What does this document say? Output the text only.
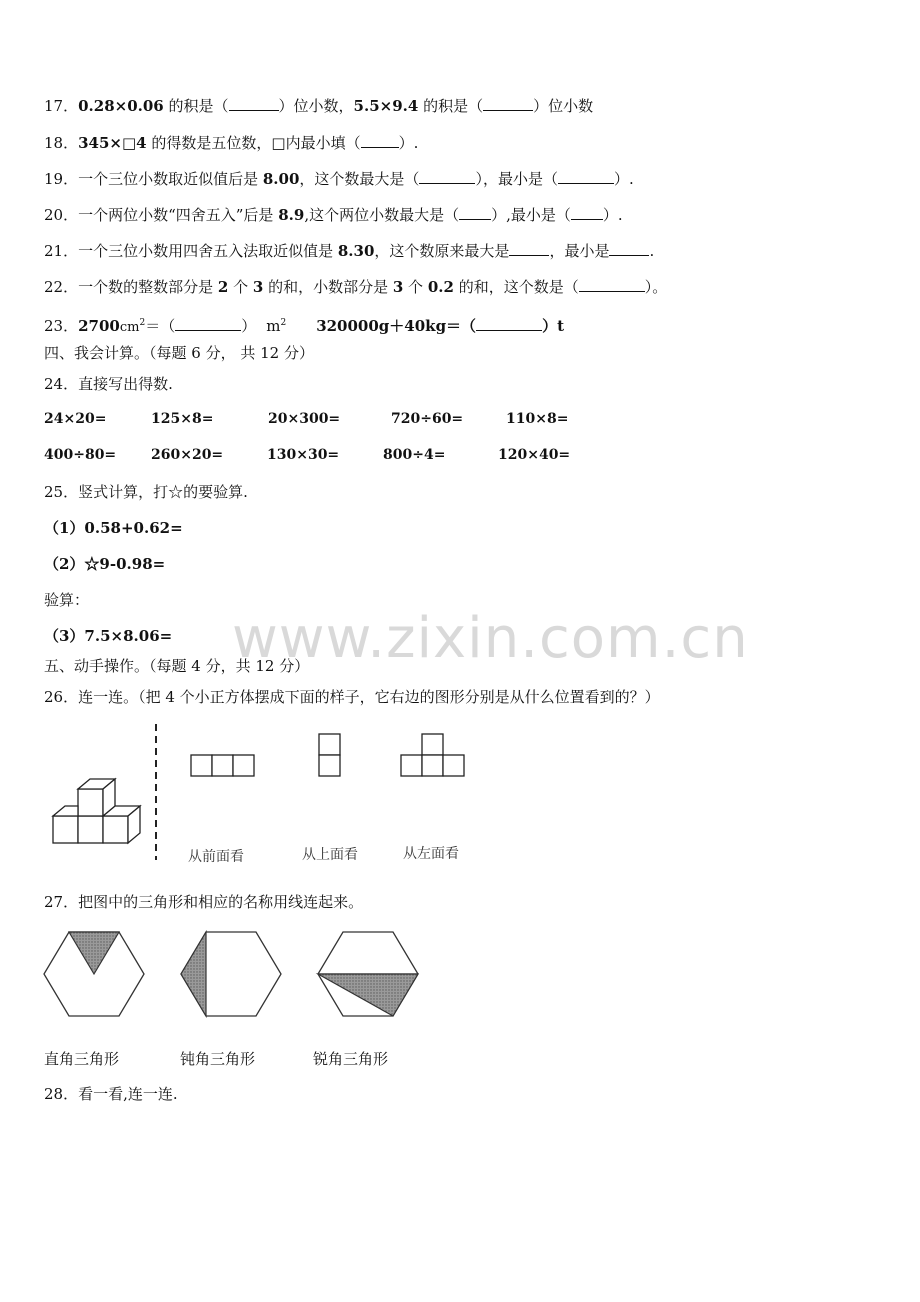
www.zixin.com.cn
17．0.28×0.06 的积是（	）位小数，5.5×9.4 的积是（	）位小数
18．345×□4 的得数是五位数，□内最小填（	）.
19．一个三位小数取近似值后是 8.00，这个数最大是（	），最小是（	）.
20．一个两位小数“四舍五入”后是 8.9,这个两位小数最大是（ ）,最小是（ ）.
21．一个三位小数用四舍五入法取近似值是 8.30，这个数原来最大是	，最小是	.
22．一个数的整数部分是 2 个 3 的和，小数部分是 3 个 0.2 的和，这个数是（	）。
23．$2700cm^2=$（	） $m^2$ 320000g＋40kg＝（	）t
四、我会计算。（每题 6 分， 共 12 分）
24．直接写出得数.
24×20=	125×8=	20×300=	720÷60=	110×8=
400÷80= 260×20=	130×30=	800÷4=	120×40=
25．竖式计算，打☆的要验算.
（1）0.58+0.62=
（2）☆9-0.98=
验算：
（3）7.5×8.06=
五、动手操作。（每题 4 分，共 12 分）
26．连一连。（把 4 个小正方体摆成下面的样子，它右边的图形分别是从什么位置看到的？）
从前面看	从上面看	从左面看
27．把图中的三角形和相应的名称用线连起来。
直角三角形	钝角三角形	锐角三角形
28．看一看,连一连.
